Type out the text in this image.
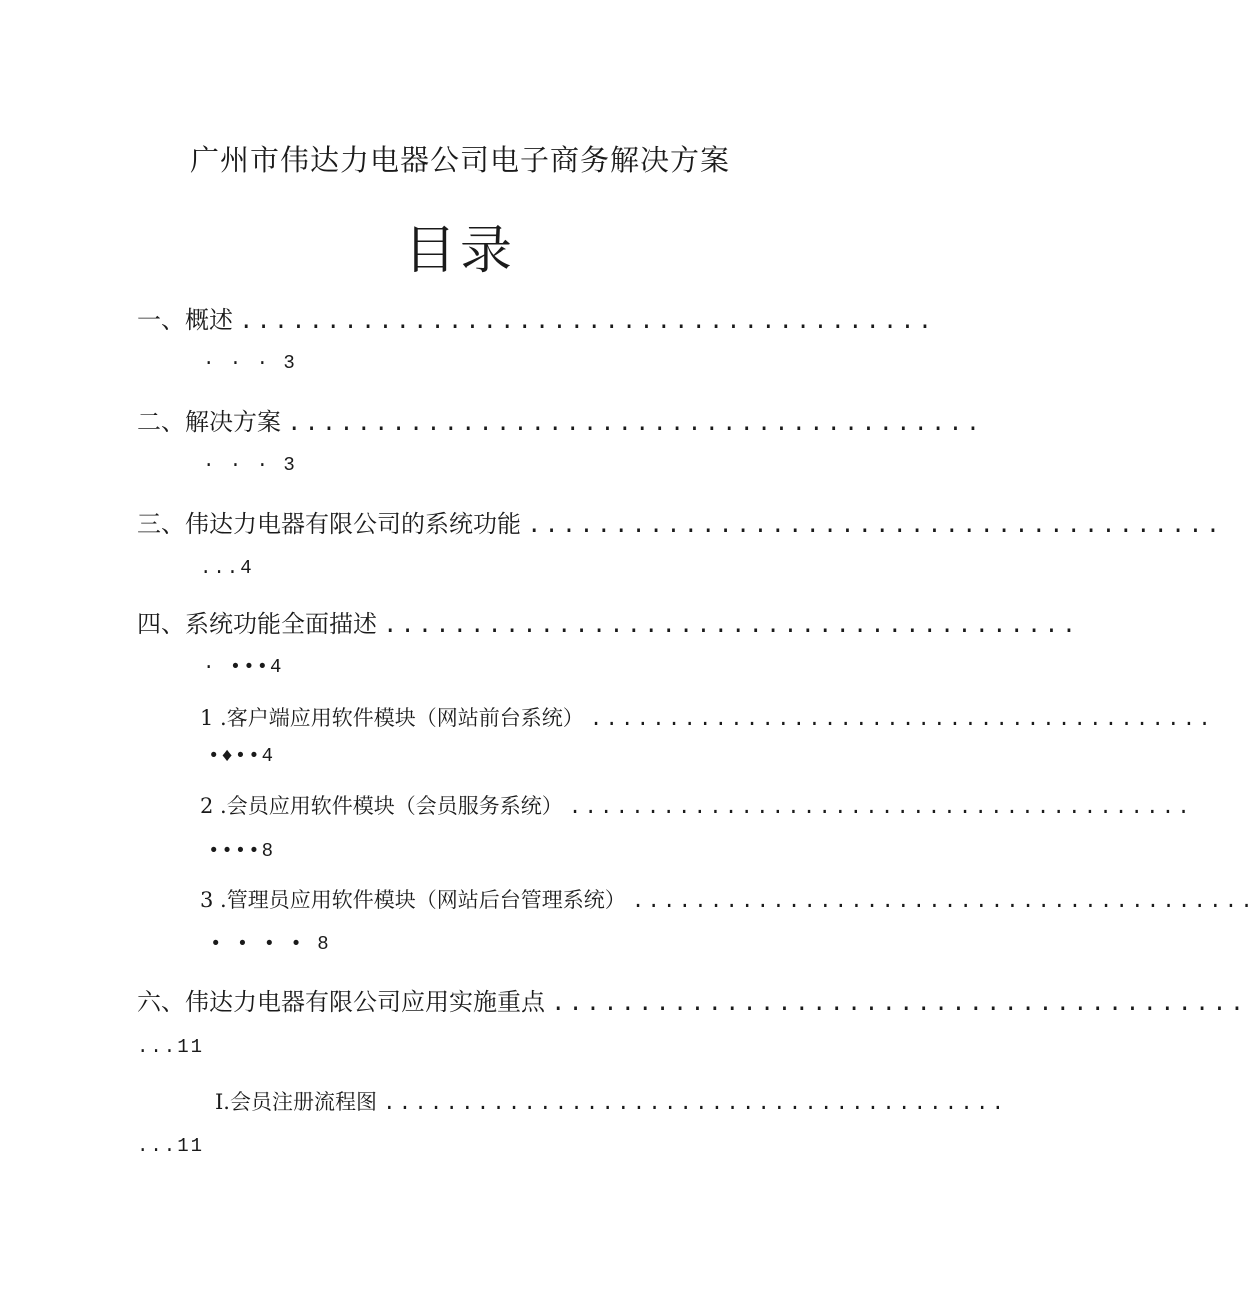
广州市伟达力电器公司电子商务解决方案
目录
一、概述 ........................................
· · · 3
二、解决方案 ........................................
· · · 3
三、伟达力电器有限公司的系统功能 ........................................
...4
四、系统功能全面描述 ........................................
· •••4
1 .客户端应用软件模块（网站前台系统） ........................................
•♦••4
2 .会员应用软件模块（会员服务系统） ........................................
••••8
3 .管理员应用软件模块（网站后台管理系统） ........................................
• • • • 8
六、伟达力电器有限公司应用实施重点 ........................................
...11
I.会员注册流程图 ........................................
...11
